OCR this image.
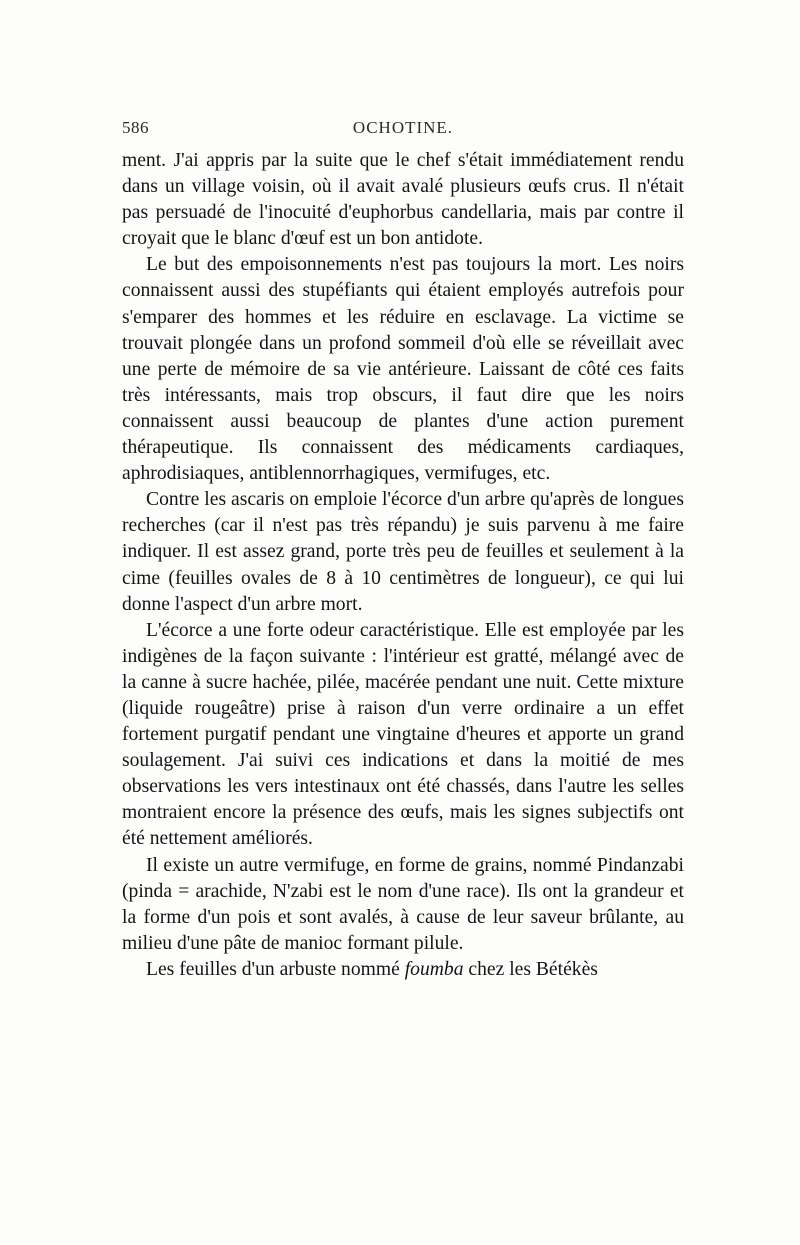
586	OCHOTINE.

ment. J'ai appris par la suite que le chef s'était immédiatement rendu dans un village voisin, où il avait avalé plusieurs œufs crus. Il n'était pas persuadé de l'inocuité d'euphorbus candellaria, mais par contre il croyait que le blanc d'œuf est un bon antidote.

Le but des empoisonnements n'est pas toujours la mort. Les noirs connaissent aussi des stupéfiants qui étaient employés autrefois pour s'emparer des hommes et les réduire en esclavage. La victime se trouvait plongée dans un profond sommeil d'où elle se réveillait avec une perte de mémoire de sa vie antérieure. Laissant de côté ces faits très intéressants, mais trop obscurs, il faut dire que les noirs connaissent aussi beaucoup de plantes d'une action purement thérapeutique. Ils connaissent des médicaments cardiaques, aphrodisiaques, antiblennorrhagiques, vermifuges, etc.

Contre les ascaris on emploie l'écorce d'un arbre qu'après de longues recherches (car il n'est pas très répandu) je suis parvenu à me faire indiquer. Il est assez grand, porte très peu de feuilles et seulement à la cime (feuilles ovales de 8 à 10 centimètres de longueur), ce qui lui donne l'aspect d'un arbre mort.

L'écorce a une forte odeur caractéristique. Elle est employée par les indigènes de la façon suivante : l'intérieur est gratté, mélangé avec de la canne à sucre hachée, pilée, macérée pendant une nuit. Cette mixture (liquide rougeâtre) prise à raison d'un verre ordinaire a un effet fortement purgatif pendant une vingtaine d'heures et apporte un grand soulagement. J'ai suivi ces indications et dans la moitié de mes observations les vers intestinaux ont été chassés, dans l'autre les selles montraient encore la présence des œufs, mais les signes subjectifs ont été nettement améliorés.

Il existe un autre vermifuge, en forme de grains, nommé Pindanzabi (pinda = arachide, N'zabi est le nom d'une race). Ils ont la grandeur et la forme d'un pois et sont avalés, à cause de leur saveur brûlante, au milieu d'une pâte de manioc formant pilule.

Les feuilles d'un arbuste nommé foumba chez les Bétékès
